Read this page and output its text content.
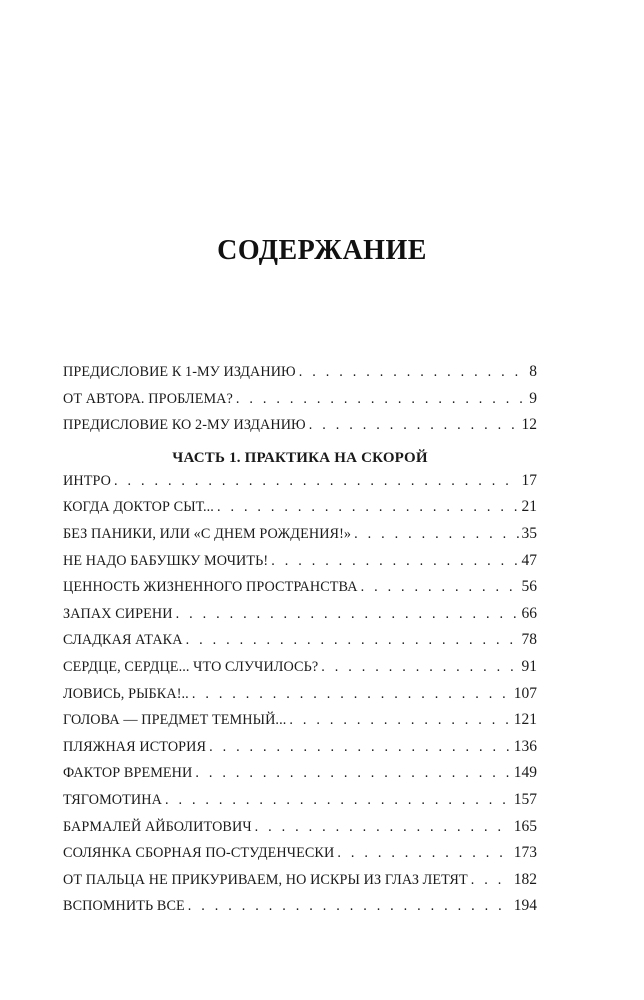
СОДЕРЖАНИЕ
ПРЕДИСЛОВИЕ К 1-МУ ИЗДАНИЮ . . .	8
ОТ АВТОРА. ПРОБЛЕМА? . . .	9
ПРЕДИСЛОВИЕ КО 2-МУ ИЗДАНИЮ . . .	12
ЧАСТЬ 1. ПРАКТИКА НА СКОРОЙ
ИНТРО . . .	17
КОГДА ДОКТОР СЫТ... . . .	21
БЕЗ ПАНИКИ, ИЛИ «С ДНЕМ РОЖДЕНИЯ!» . . .	35
НЕ НАДО БАБУШКУ МОЧИТЬ! . . .	47
ЦЕННОСТЬ ЖИЗНЕННОГО ПРОСТРАНСТВА . . .	56
ЗАПАХ СИРЕНИ . . .	66
СЛАДКАЯ АТАКА . . .	78
СЕРДЦЕ, СЕРДЦЕ... ЧТО СЛУЧИЛОСЬ? . . .	91
ЛОВИСЬ, РЫБКА!.. . . .	107
ГОЛОВА — ПРЕДМЕТ ТЕМНЫЙ... . . .	121
ПЛЯЖНАЯ ИСТОРИЯ . . .	136
ФАКТОР ВРЕМЕНИ . . .	149
ТЯГОМОТИНА . . .	157
БАРМАЛЕЙ АЙБОЛИТОВИЧ . . .	165
СОЛЯНКА СБОРНАЯ ПО-СТУДЕНЧЕСКИ . . .	173
ОТ ПАЛЬЦА НЕ ПРИКУРИВАЕМ, НО ИСКРЫ ИЗ ГЛАЗ ЛЕТЯТ . . .	182
ВСПОМНИТЬ ВСЕ . . .	194
